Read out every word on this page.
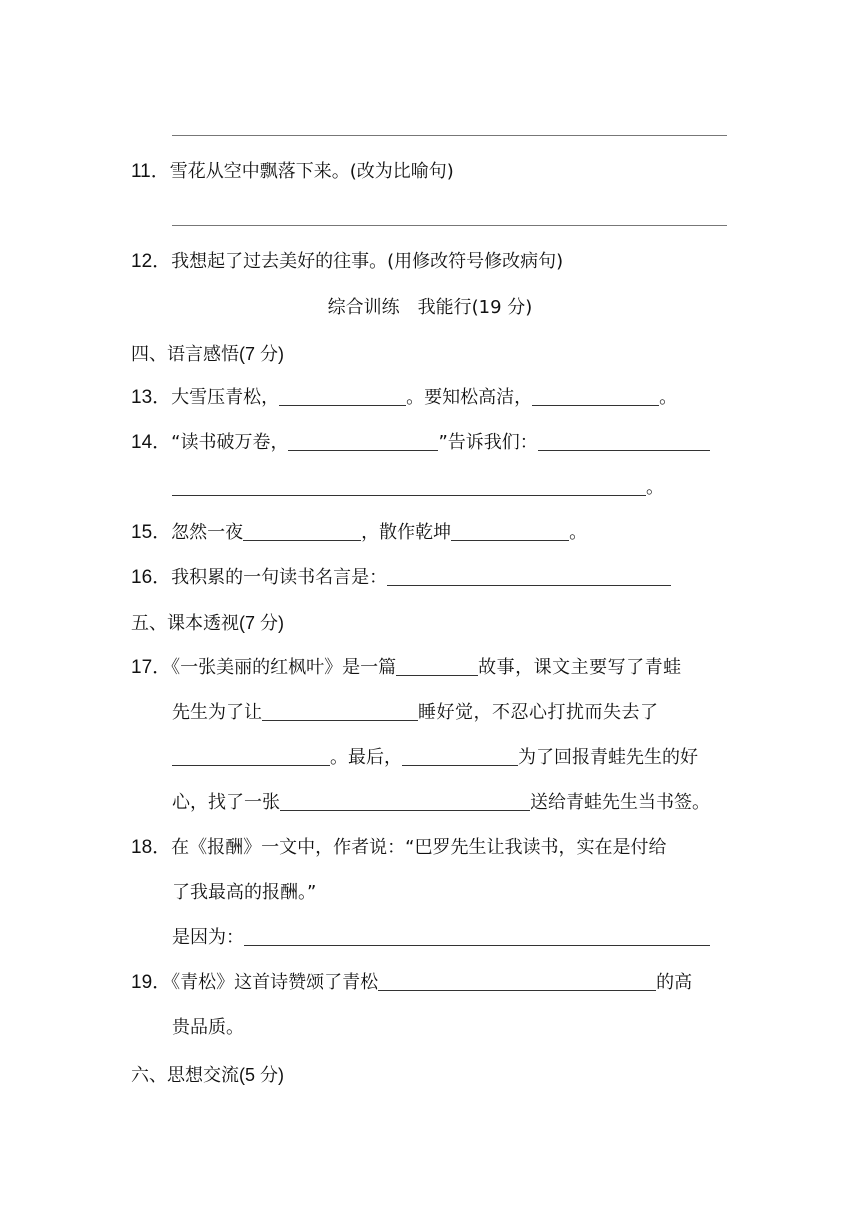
11．雪花从空中飘落下来。(改为比喻句)
12．我想起了过去美好的往事。(用修改符号修改病句)
综合训练　我能行(19 分)
四、语言感悟(7 分)
13．大雪压青松，	。要知松高洁，	。
14．“读书破万卷，	”告诉我们：
。
15．忽然一夜	，散作乾坤	。
16．我积累的一句读书名言是：
五、课本透视(7 分)
17．《一张美丽的红枫叶》是一篇	故事，课文主要写了青蛙
先生为了让	睡好觉，不忍心打扰而失去了
。最后，	为了回报青蛙先生的好
心，找了一张	送给青蛙先生当书签。
18．在《报酬》一文中，作者说：“巴罗先生让我读书，实在是付给
了我最高的报酬。”
是因为：
19．《青松》这首诗赞颂了青松	的高
贵品质。
六、思想交流(5 分)
